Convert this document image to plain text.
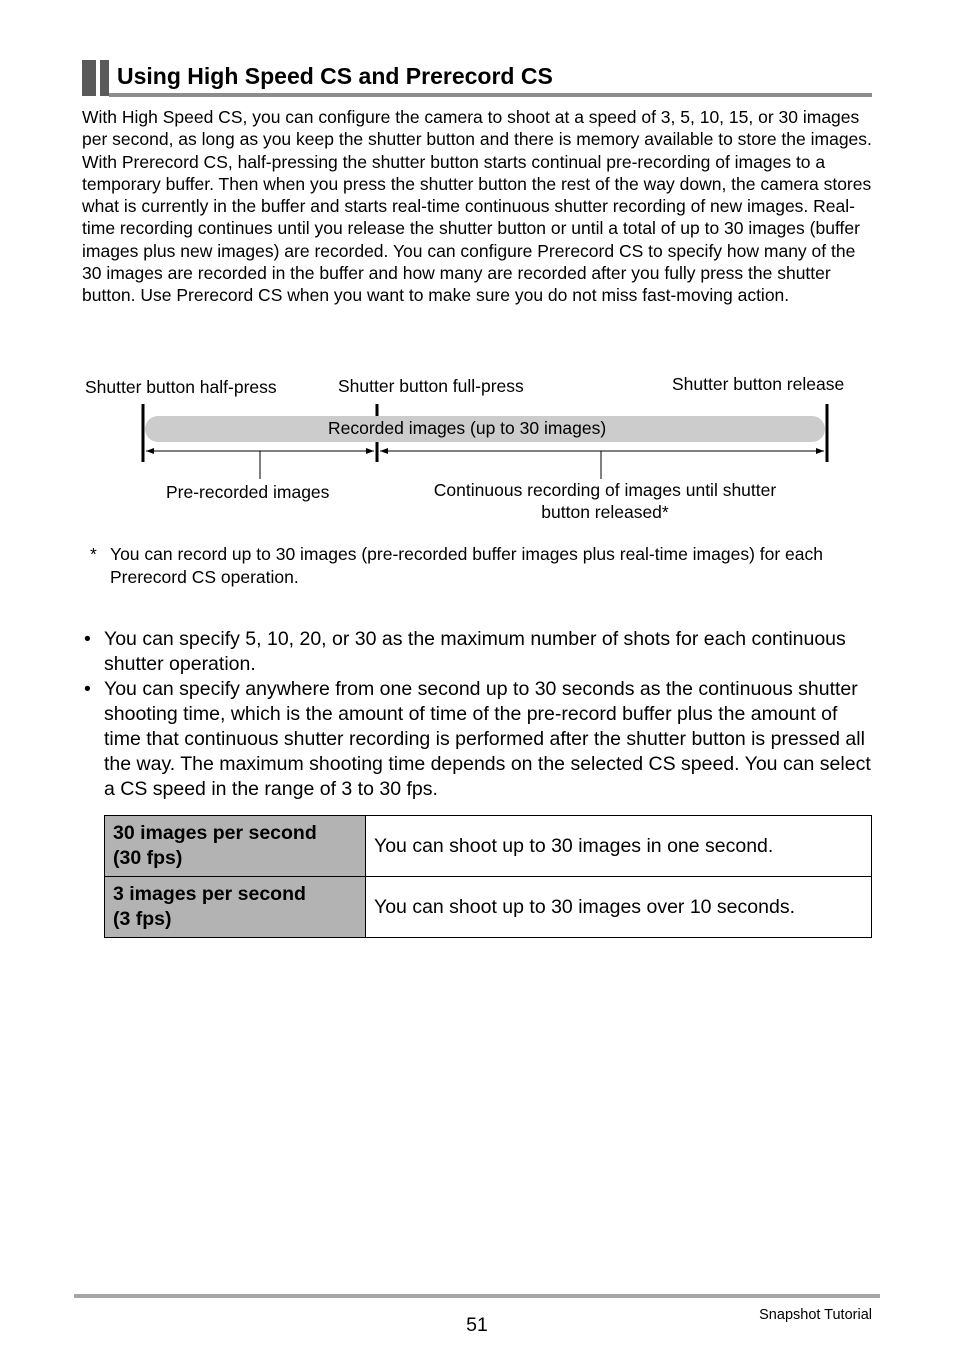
Using High Speed CS and Prerecord CS

With High Speed CS, you can configure the camera to shoot at a speed of 3, 5, 10, 15, or 30 images per second, as long as you keep the shutter button and there is memory available to store the images. With Prerecord CS, half-pressing the shutter button starts continual pre-recording of images to a temporary buffer. Then when you press the shutter button the rest of the way down, the camera stores what is currently in the buffer and starts real-time continuous shutter recording of new images. Real-time recording continues until you release the shutter button or until a total of up to 30 images (buffer images plus new images) are recorded. You can configure Prerecord CS to specify how many of the 30 images are recorded in the buffer and how many are recorded after you fully press the shutter button. Use Prerecord CS when you want to make sure you do not miss fast-moving action.

Shutter button half-press	Shutter button full-press	Shutter button release
Recorded images (up to 30 images)
Pre-recorded images	Continuous recording of images until shutter
button released*
* You can record up to 30 images (pre-recorded buffer images plus real-time images) for each Prerecord CS operation.
• You can specify 5, 10, 20, or 30 as the maximum number of shots for each continuous shutter operation.
• You can specify anywhere from one second up to 30 seconds as the continuous shutter shooting time, which is the amount of time of the pre-record buffer plus the amount of time that continuous shutter recording is performed after the shutter button is pressed all the way. The maximum shooting time depends on the selected CS speed. You can select a CS speed in the range of 3 to 30 fps.
30 images per second
(30 fps)	You can shoot up to 30 images in one second.
3 images per second
(3 fps)	You can shoot up to 30 images over 10 seconds.
51	Snapshot Tutorial
